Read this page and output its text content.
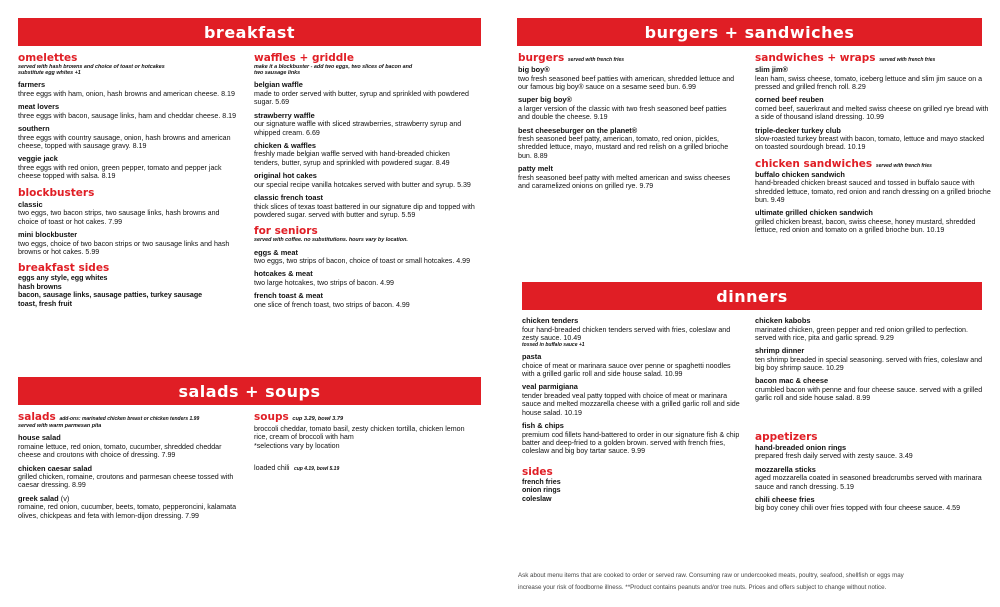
breakfast	burgers + sandwiches
salads + soups
dinners
omelettes
served with hash browns and choice of toast or hotcakes
substitute egg whites +1
farmers
three eggs with ham, onion, hash browns and american cheese. 8.19
meat lovers
three eggs with bacon, sausage links, ham and cheddar cheese. 8.19
southern
three eggs with country sausage, onion, hash browns and american cheese, topped with sausage gravy. 8.19
veggie jack
three eggs with red onion, green pepper, tomato and pepper jack cheese topped with salsa. 8.19
blockbusters
classic
two eggs, two bacon strips, two sausage links, hash browns and choice of toast or hot cakes. 7.99
mini blockbuster
two eggs, choice of two bacon strips or two sausage links and hash browns or hot cakes. 5.99
breakfast sides
eggs any style, egg whites
hash browns
bacon, sausage links, sausage patties, turkey sausage
toast, fresh fruit
waffles + griddle
make it a blockbuster - add two eggs, two slices of bacon and
two sausage links
belgian waffle
made to order served with butter, syrup and sprinkled with powdered sugar. 5.69
strawberry waffle
our signature waffle with sliced strawberries, strawberry syrup and whipped cream. 6.69
chicken & waffles
freshly made belgian waffle served with hand-breaded chicken tenders, butter, syrup and sprinkled with powdered sugar. 8.49
original hot cakes
our special recipe vanilla hotcakes served with butter and syrup. 5.39
classic french toast
thick slices of texas toast battered in our signature dip and topped with powdered sugar. served with butter and syrup. 5.59
for seniors
served with coffee. no substitutions. hours vary by location.
eggs & meat
two eggs, two strips of bacon, choice of toast or small hotcakes. 4.99
hotcakes & meat
two large hotcakes, two strips of bacon. 4.99
french toast & meat
one slice of french toast, two strips of bacon. 4.99
salads add-ons: marinated chicken breast or chicken tenders 1.99
served with warm parmesan pita
house salad
romaine lettuce, red onion, tomato, cucumber, shredded cheddar cheese and croutons with choice of dressing. 7.99
chicken caesar salad
grilled chicken, romaine, croutons and parmesan cheese tossed with caesar dressing. 8.99
greek salad (v)
romaine, red onion, cucumber, beets, tomato, pepperoncini, kalamata olives, chickpeas and feta with lemon-dijon dressing. 7.99
soups cup 3.29, bowl 3.79
broccoli cheddar, tomato basil, zesty chicken tortilla, chicken lemon rice, cream of broccoli with ham
*selections vary by location
loaded chili cup 4.19, bowl 5.19
burgers served with french fries
big boy®
two fresh seasoned beef patties with american, shredded lettuce and our famous big boy® sauce on a sesame seed bun. 6.99
super big boy®
a larger version of the classic with two fresh seasoned beef patties and double the cheese. 9.19
best cheeseburger on the planet®
fresh seasoned beef patty, american, tomato, red onion, pickles, shredded lettuce, mayo, mustard and red relish on a grilled brioche bun. 8.89
patty melt
fresh seasoned beef patty with melted american and swiss cheeses and caramelized onions on grilled rye. 9.79
sandwiches + wraps served with french fries
slim jim®
lean ham, swiss cheese, tomato, iceberg lettuce and slim jim sauce on a pressed and grilled french roll. 8.29
corned beef reuben
corned beef, sauerkraut and melted swiss cheese on grilled rye bread with a side of thousand island dressing. 10.99
triple-decker turkey club
slow-roasted turkey breast with bacon, tomato, lettuce and mayo stacked on toasted sourdough bread. 10.19
chicken sandwiches served with french fries
buffalo chicken sandwich
hand-breaded chicken breast sauced and tossed in buffalo sauce with shredded lettuce, tomato, red onion and ranch dressing on a grilled brioche bun. 9.49
ultimate grilled chicken sandwich
grilled chicken breast, bacon, swiss cheese, honey mustard, shredded lettuce, red onion and tomato on a grilled brioche bun. 10.19
chicken tenders
four hand-breaded chicken tenders served with fries, coleslaw and zesty sauce. 10.49
tossed in buffalo sauce +1
pasta
choice of meat or marinara sauce over penne or spaghetti noodles with a grilled garlic roll and side house salad. 10.99
veal parmigiana
tender breaded veal patty topped with choice of meat or marinara sauce and melted mozzarella cheese with a grilled garlic roll and side house salad. 10.19
fish & chips
premium cod fillets hand-battered to order in our signature fish & chip batter and deep-fried to a golden brown. served with french fries, coleslaw and big boy tartar sauce. 9.99
sides
french fries
onion rings
coleslaw
chicken kabobs
marinated chicken, green pepper and red onion grilled to perfection. served with rice, pita and garlic spread. 9.29
shrimp dinner
ten shrimp breaded in special seasoning. served with fries, coleslaw and big boy shrimp sauce. 10.29
bacon mac & cheese
crumbled bacon with penne and four cheese sauce. served with a grilled garlic roll and side house salad. 8.99
appetizers
hand-breaded onion rings
prepared fresh daily served with zesty sauce. 3.49
mozzarella sticks
aged mozzarella coated in seasoned breadcrumbs served with marinara sauce and ranch dressing. 5.19
chili cheese fries
big boy coney chili over fries topped with four cheese sauce. 4.59
Ask about menu items that are cooked to order or served raw. Consuming raw or undercooked meats, poultry, seafood, shellfish or eggs may
increase your risk of foodborne illness. **Product contains peanuts and/or tree nuts. Prices and offers subject to change without notice.
